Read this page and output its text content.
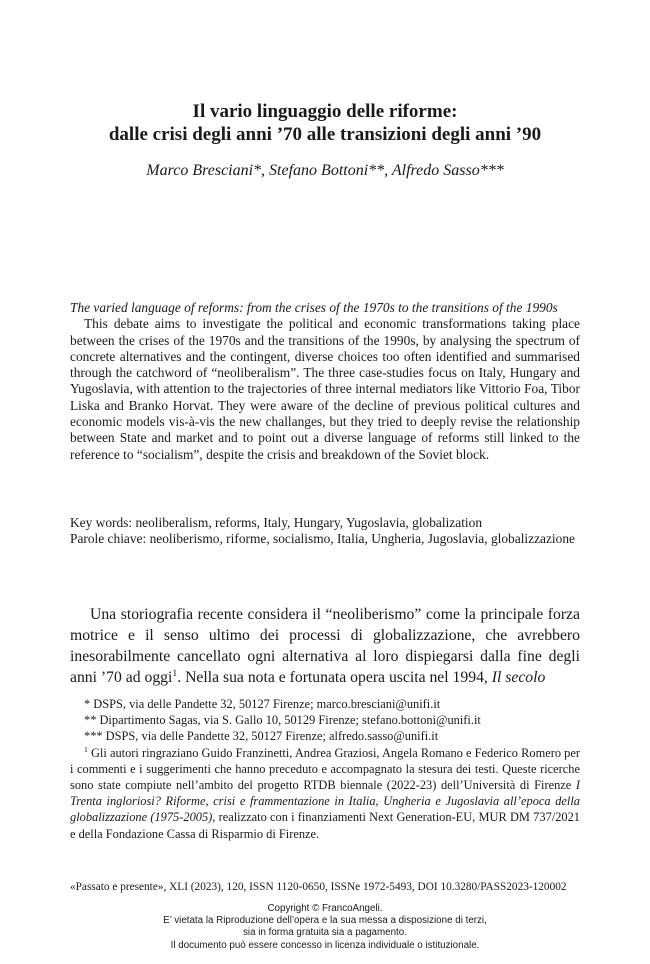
Il vario linguaggio delle riforme:
dalle crisi degli anni ’70 alle transizioni degli anni ’90
Marco Bresciani*, Stefano Bottoni**, Alfredo Sasso***
The varied language of reforms: from the crises of the 1970s to the transitions of the 1990s
This debate aims to investigate the political and economic transformations taking place between the crises of the 1970s and the transitions of the 1990s, by analysing the spectrum of concrete alternatives and the contingent, diverse choices too often identified and summarised through the catchword of “neoliberalism”. The three case-studies focus on Italy, Hungary and Yugoslavia, with attention to the trajectories of three internal mediators like Vittorio Foa, Tibor Liska and Branko Horvat. They were aware of the decline of previous political cultures and economic models vis-à-vis the new challanges, but they tried to deeply revise the relationship between State and market and to point out a diverse language of reforms still linked to the reference to “socialism”, despite the crisis and breakdown of the Soviet block.
Key words: neoliberalism, reforms, Italy, Hungary, Yugoslavia, globalization
Parole chiave: neoliberismo, riforme, socialismo, Italia, Ungheria, Jugoslavia, globalizzazione

Una storiografia recente considera il “neoliberismo” come la principale forza motrice e il senso ultimo dei processi di globalizzazione, che avrebbero inesorabilmente cancellato ogni alternativa al loro dispiegarsi dalla fine degli anni ’70 ad oggi$^1$. Nella sua nota e fortunata opera uscita nel 1994, Il secolo

* DSPS, via delle Pandette 32, 50127 Firenze; marco.bresciani@unifi.it
** Dipartimento Sagas, via S. Gallo 10, 50129 Firenze; stefano.bottoni@unifi.it
*** DSPS, via delle Pandette 32, 50127 Firenze; alfredo.sasso@unifi.it
$^1$ Gli autori ringraziano Guido Franzinetti, Andrea Graziosi, Angela Romano e Federico Romero per i commenti e i suggerimenti che hanno preceduto e accompagnato la stesura dei testi. Queste ricerche sono state compiute nell’ambito del progetto RTDB biennale (2022-23) dell’Università di Firenze I Trenta ingloriosi? Riforme, crisi e frammentazione in Italia, Ungheria e Jugoslavia all’epoca della globalizzazione (1975-2005), realizzato con i finanziamenti Next Generation-EU, MUR DM 737/2021 e della Fondazione Cassa di Risparmio di Firenze.
«Passato e presente», XLI (2023), 120, ISSN 1120-0650, ISSNe 1972-5493, DOI 10.3280/PASS2023-120002
Copyright © FrancoAngeli.
E’ vietata la Riproduzione dell’opera e la sua messa a disposizione di terzi,
sia in forma gratuita sia a pagamento.
Il documento può essere concesso in licenza individuale o istituzionale.
